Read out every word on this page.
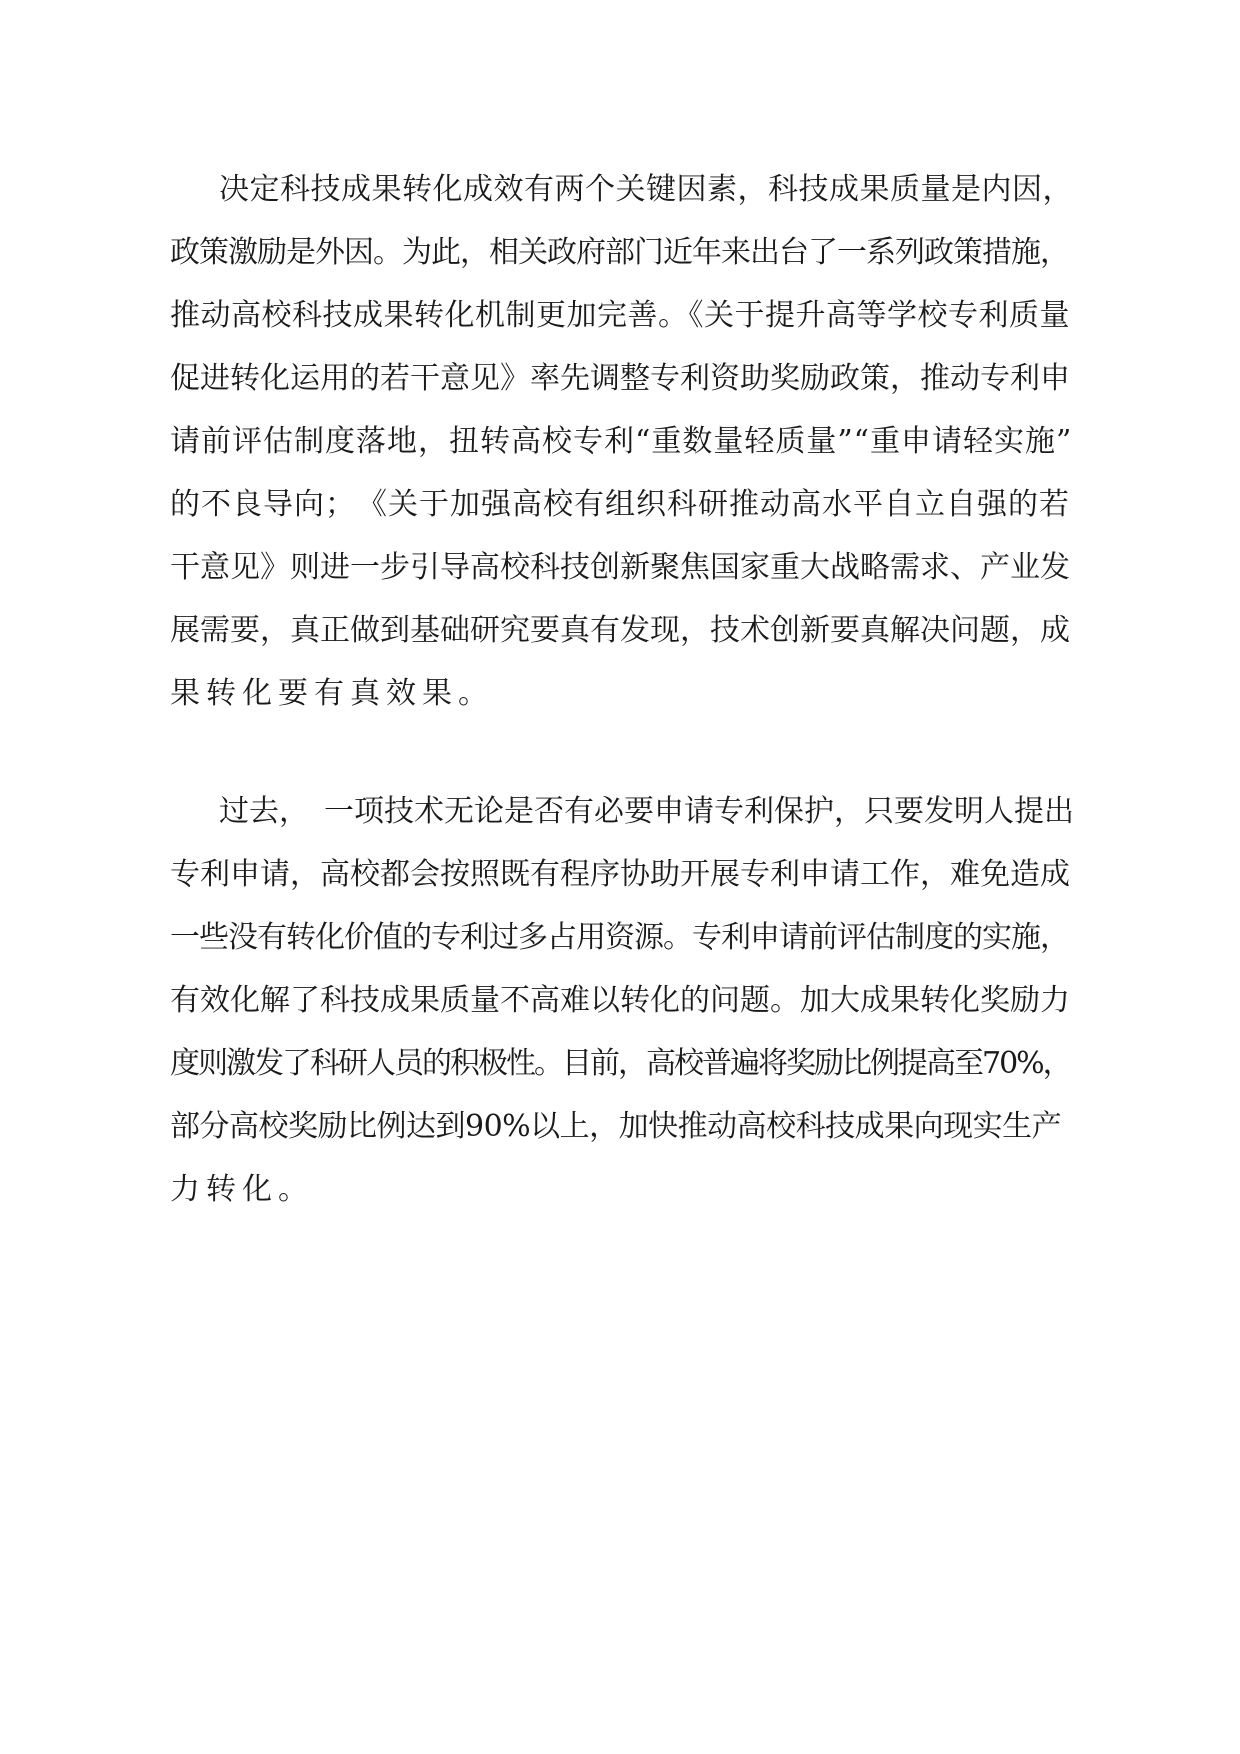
决定科技成果转化成效有两个关键因素，科技成果质量是内因，
政策激励是外因。为此，相关政府部门近年来出台了一系列政策措施，
推动高校科技成果转化机制更加完善。《关于提升高等学校专利质量
促进转化运用的若干意见》率先调整专利资助奖励政策，推动专利申
请前评估制度落地，扭转高校专利“重数量轻质量”“重申请轻实施”
的不良导向；　《关于加强高校有组织科研推动高水平自立自强的若
干意见》则进一步引导高校科技创新聚焦国家重大战略需求、产业发
展需要，真正做到基础研究要真有发现，技术创新要真解决问题，成
果转化要有真效果。
过去，　一项技术无论是否有必要申请专利保护，只要发明人提出
专利申请，高校都会按照既有程序协助开展专利申请工作，难免造成
一些没有转化价值的专利过多占用资源。专利申请前评估制度的实施，
有效化解了科技成果质量不高难以转化的问题。加大成果转化奖励力
度则激发了科研人员的积极性。目前，高校普遍将奖励比例提高至70%，
部分高校奖励比例达到90%以上，加快推动高校科技成果向现实生产
力转化。
